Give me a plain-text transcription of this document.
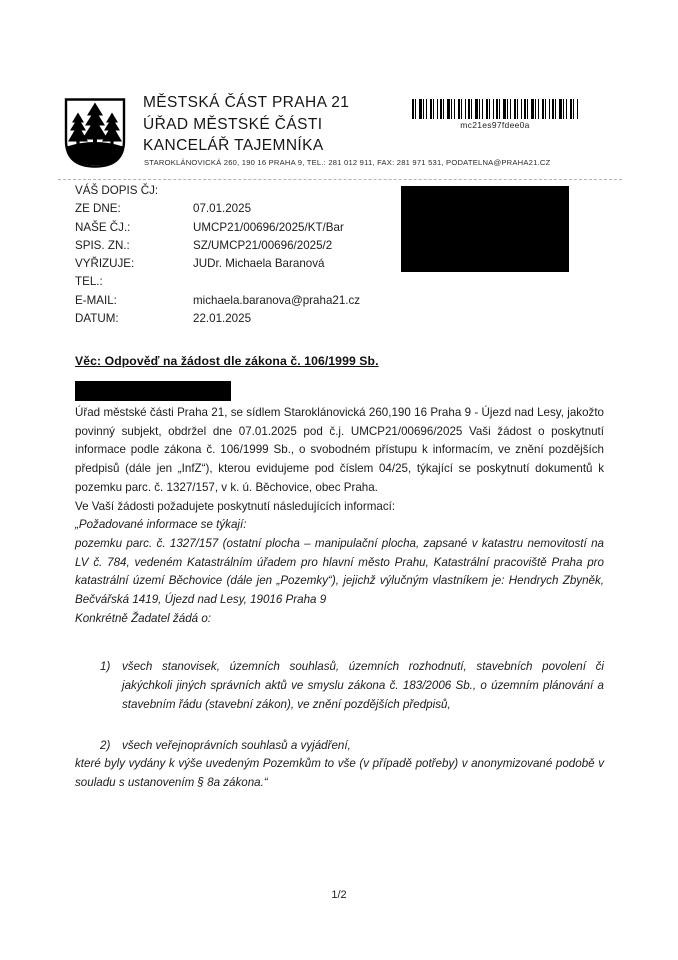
MĚSTSKÁ ČÁST PRAHA 21
ÚŘAD MĚSTSKÉ ČÁSTI
KANCELÁŘ TAJEMNÍKA
STAROKLÁNOVICKÁ 260, 190 16 PRAHA 9, TEL.: 281 012 911, FAX: 281 971 531, PODATELNA@PRAHA21.CZ
mc21es97fdee0a
VÁŠ DOPIS ČJ:
ZE DNE:	07.01.2025
NAŠE ČJ.:	UMCP21/00696/2025/KT/Bar
SPIS. ZN.:	SZ/UMCP21/00696/2025/2
VYŘIZUJE:	JUDr. Michaela Baranová
TEL.:
E-MAIL:	michaela.baranova@praha21.cz
DATUM:	22.01.2025
Věc: Odpověď na žádost dle zákona č. 106/1999 Sb.

Úřad městské části Praha 21, se sídlem Staroklánovická 260,190 16 Praha 9 - Újezd nad Lesy, jakožto povinný subjekt, obdržel dne 07.01.2025 pod č.j. UMCP21/00696/2025 Vaši žádost o poskytnutí informace podle zákona č. 106/1999 Sb., o svobodném přístupu k informacím, ve znění pozdějších předpisů (dále jen „InfZ“), kterou evidujeme pod číslem 04/25, týkající se poskytnutí dokumentů k pozemku parc. č. 1327/157, v k. ú. Běchovice, obec Praha.

Ve Vaší žádosti požadujete poskytnutí následujících informací:

„Požadované informace se týkají:

pozemku parc. č. 1327/157 (ostatní plocha – manipulační plocha, zapsané v katastru nemovitostí na LV č. 784, vedeném Katastrálním úřadem pro hlavní město Prahu, Katastrální pracoviště Praha pro katastrální území Běchovice (dále jen „Pozemky“), jejichž výlučným vlastníkem je: Hendrych Zbyněk, Bečvářská 1419, Újezd nad Lesy, 19016 Praha 9

Konkrétně Žadatel žádá o:

1)	všech stanovisek, územních souhlasů, územních rozhodnutí, stavebních povolení či jakýchkoli jiných správních aktů ve smyslu zákona č. 183/2006 Sb., o územním plánování a stavebním řádu (stavební zákon), ve znění pozdějších předpisů,
2)	všech veřejnoprávních souhlasů a vyjádření,

které byly vydány k výše uvedeným Pozemkům to vše (v případě potřeby) v anonymizované podobě v souladu s ustanovením § 8a zákona.“

1/2
